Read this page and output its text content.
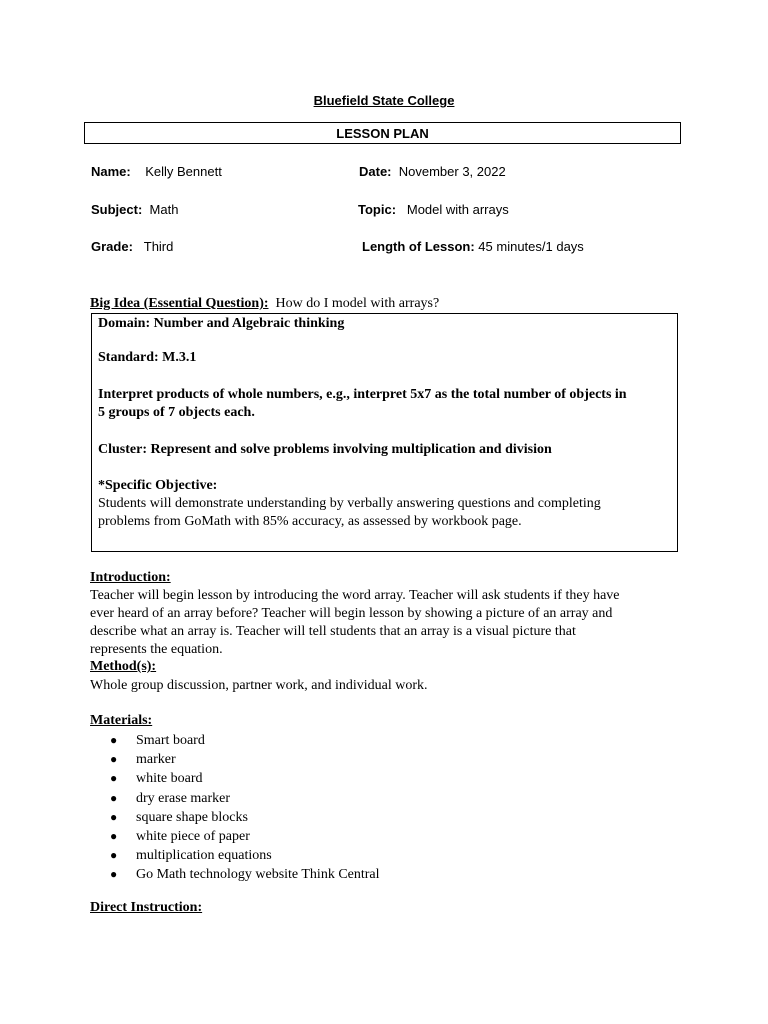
Bluefield State College
LESSON PLAN
Name: Kelly Bennett	Date: November 3, 2022
Subject: Math	Topic: Model with arrays
Grade: Third	Length of Lesson: 45 minutes/1 days
Big Idea (Essential Question): How do I model with arrays?
Domain: Number and Algebraic thinking
Standard: M.3.1
Interpret products of whole numbers, e.g., interpret 5x7 as the total number of objects in
5 groups of 7 objects each.
Cluster: Represent and solve problems involving multiplication and division
*Specific Objective:
Students will demonstrate understanding by verbally answering questions and completing
problems from GoMath with 85% accuracy, as assessed by workbook page.
Introduction:
Teacher will begin lesson by introducing the word array. Teacher will ask students if they have
ever heard of an array before? Teacher will begin lesson by showing a picture of an array and
describe what an array is. Teacher will tell students that an array is a visual picture that
represents the equation.
Method(s):
Whole group discussion, partner work, and individual work.
Materials:
● Smart board
● marker
● white board
● dry erase marker
● square shape blocks
● white piece of paper
● multiplication equations
● Go Math technology website Think Central
Direct Instruction:
